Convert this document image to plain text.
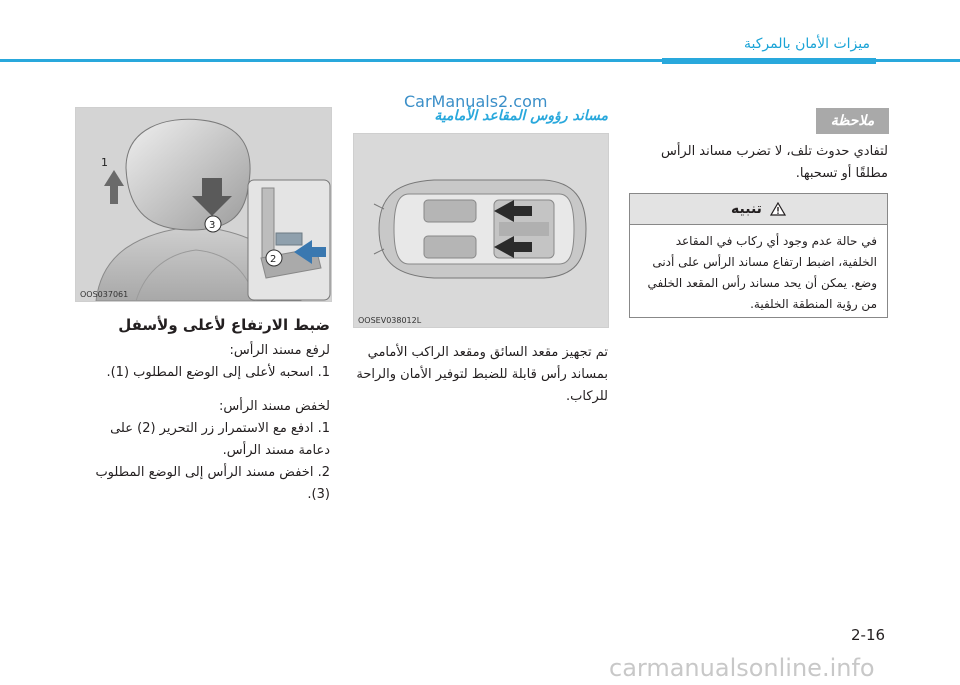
ميزات الأمان بالمركبة
CarManuals2.com
1
2
3
OOS037061
مساند رؤوس المقاعد الأمامية
OOSEV038012L
ملاحظة
لتفادي حدوث تلف، لا تضرب مساند الرأس مطلقًا أو تسحبها.
تنبيه
في حالة عدم وجود أي ركاب في المقاعد الخلفية، اضبط ارتفاع مساند الرأس على أدنى وضع. يمكن أن يحد مساند رأس المقعد الخلفي من رؤية المنطقة الخلفية.
ضبط الارتفاع لأعلى ولأسفل
لرفع مسند الرأس:
1. اسحبه لأعلى إلى الوضع المطلوب (1).
لخفض مسند الرأس:
1. ادفع مع الاستمرار زر التحرير (2) على دعامة مسند الرأس.
2. اخفض مسند الرأس إلى الوضع المطلوب (3).
تم تجهيز مقعد السائق ومقعد الراكب الأمامي بمساند رأس قابلة للضبط لتوفير الأمان والراحة للركاب.
2-16
carmanualsonline.info
